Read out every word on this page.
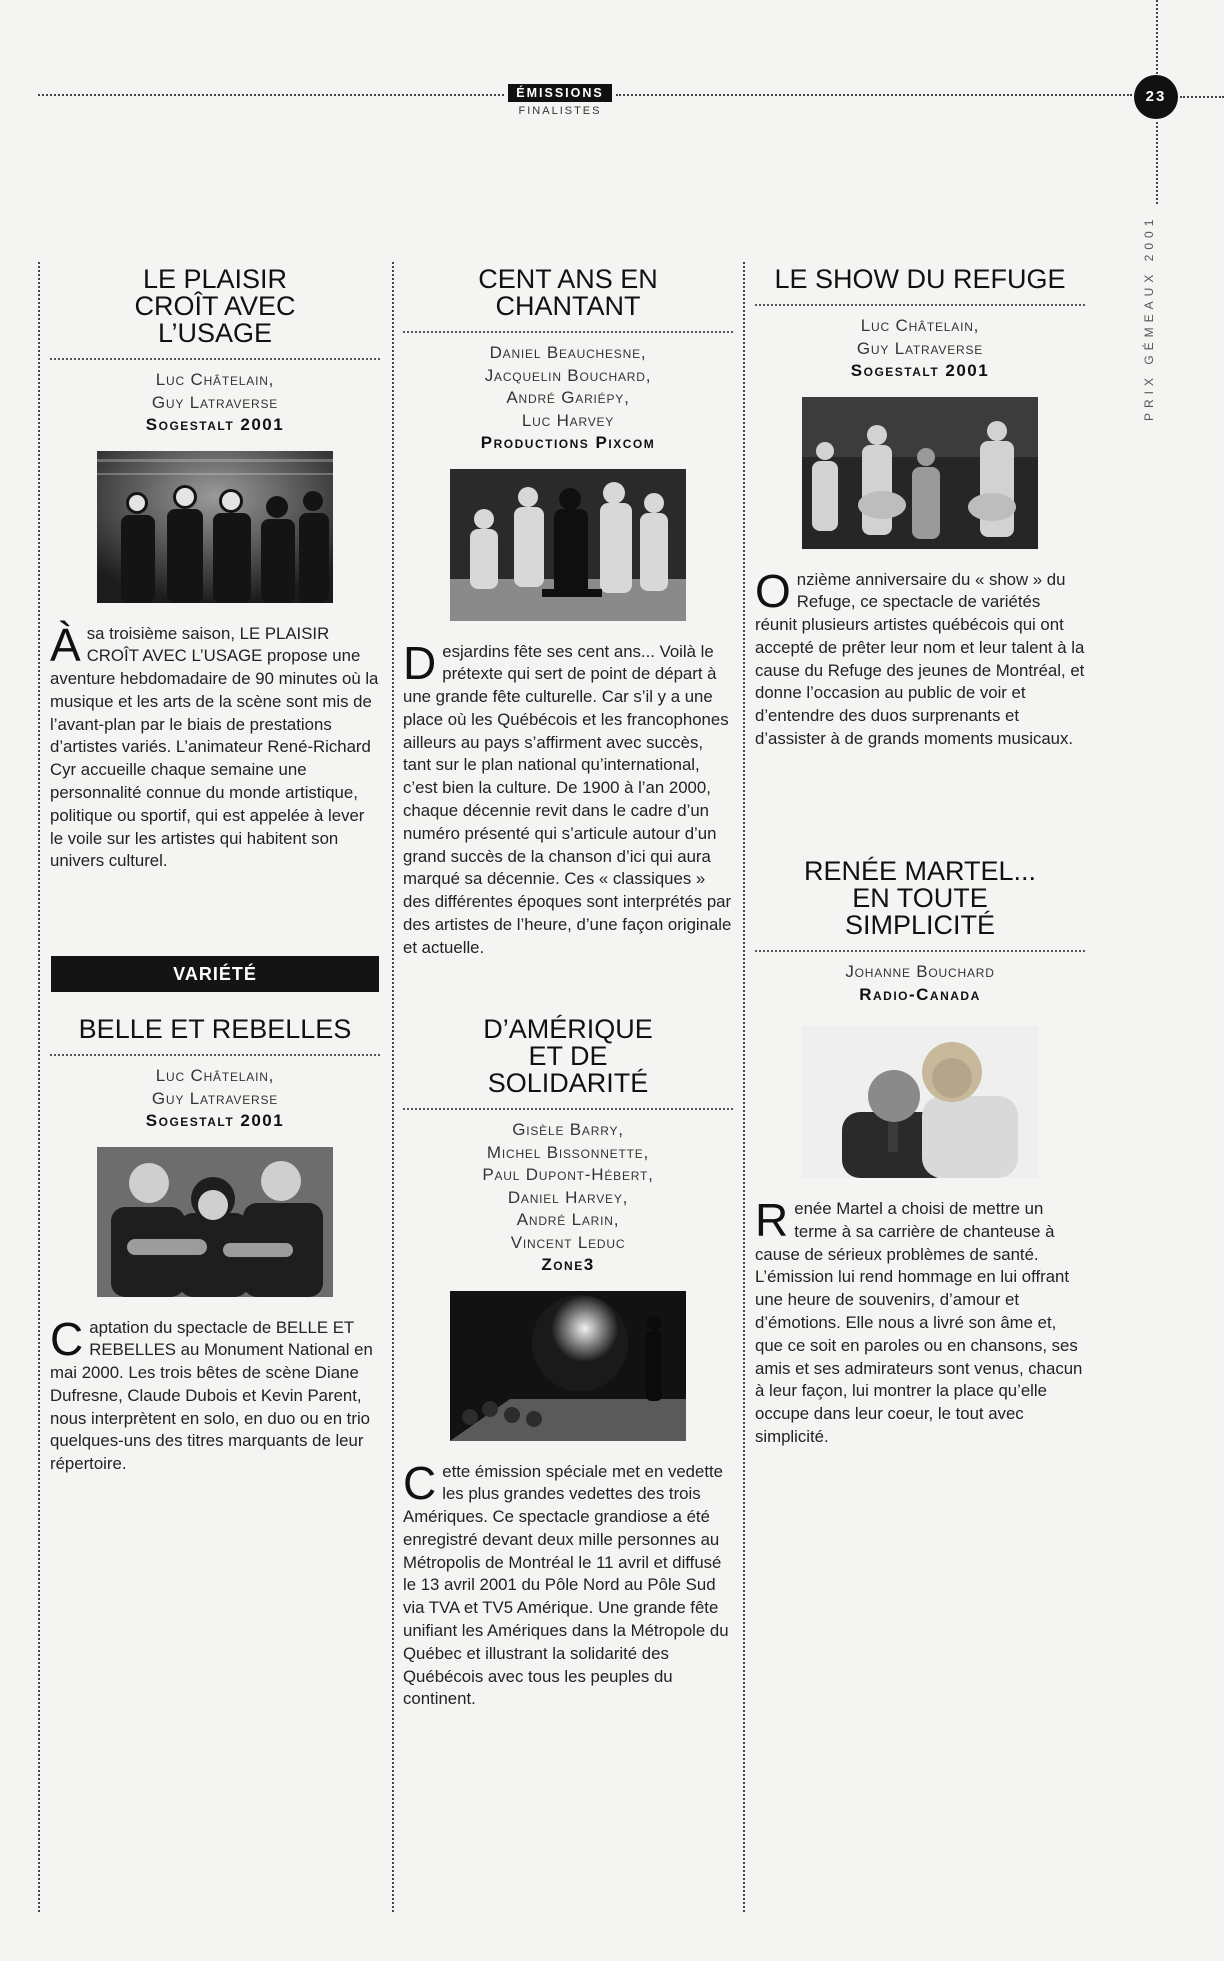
ÉMISSIONS
FINALISTES
23
PRIX GÉMEAUX 2001
LE PLAISIR CROÎT AVEC L’USAGE
Luc Châtelain,
Guy Latraverse
Sogestalt 2001

Àsa troisième saison, LE PLAISIR CROÎT AVEC L’USAGE propose une aventure hebdomadaire de 90 minutes où la musique et les arts de la scène sont mis de l’avant-plan par le biais de prestations d’artistes variés. L’animateur René-Richard Cyr accueille chaque semaine une personnalité connue du monde artistique, politique ou sportif, qui est appelée à lever le voile sur les artistes qui habitent son univers culturel.

VARIÉTÉ
BELLE ET REBELLES
Luc Châtelain,
Guy Latraverse
Sogestalt 2001

Captation du spectacle de BELLE ET REBELLES au Monument National en mai 2000. Les trois bêtes de scène Diane Dufresne, Claude Dubois et Kevin Parent, nous interprètent en solo, en duo ou en trio quelques-uns des titres marquants de leur répertoire.

CENT ANS EN CHANTANT
Daniel Beauchesne,
Jacquelin Bouchard,
André Gariépy,
Luc Harvey
Productions Pixcom

Desjardins fête ses cent ans... Voilà le prétexte qui sert de point de départ à une grande fête culturelle. Car s’il y a une place où les Québécois et les francophones ailleurs au pays s’affirment avec succès, tant sur le plan national qu’international, c’est bien la culture. De 1900 à l’an 2000, chaque décennie revit dans le cadre d’un numéro présenté qui s’articule autour d’un grand succès de la chanson d’ici qui aura marqué sa décennie. Ces « classiques » des différentes époques sont interprétés par des artistes de l’heure, d’une façon originale et actuelle.

D’AMÉRIQUE ET DE SOLIDARITÉ
Gisèle Barry,
Michel Bissonnette,
Paul Dupont-Hébert,
Daniel Harvey,
André Larin,
Vincent Leduc
Zone3

Cette émission spéciale met en vedette les plus grandes vedettes des trois Amériques. Ce spectacle grandiose a été enregistré devant deux mille personnes au Métropolis de Montréal le 11 avril et diffusé le 13 avril 2001 du Pôle Nord au Pôle Sud via TVA et TV5 Amérique. Une grande fête unifiant les Amériques dans la Métropole du Québec et illustrant la solidarité des Québécois avec tous les peuples du continent.

LE SHOW DU REFUGE
Luc Châtelain,
Guy Latraverse
Sogestalt 2001

Onzième anniversaire du « show » du Refuge, ce spectacle de variétés réunit plusieurs artistes québécois qui ont accepté de prêter leur nom et leur talent à la cause du Refuge des jeunes de Montréal, et donne l’occasion au public de voir et d’entendre des duos surprenants et d’assister à de grands moments musicaux.

RENÉE MARTEL... EN TOUTE SIMPLICITÉ
Johanne Bouchard
Radio-Canada

Renée Martel a choisi de mettre un terme à sa carrière de chanteuse à cause de sérieux problèmes de santé. L’émission lui rend hommage en lui offrant une heure de souvenirs, d’amour et d’émotions. Elle nous a livré son âme et, que ce soit en paroles ou en chansons, ses amis et ses admirateurs sont venus, chacun à leur façon, lui montrer la place qu’elle occupe dans leur coeur, le tout avec simplicité.
